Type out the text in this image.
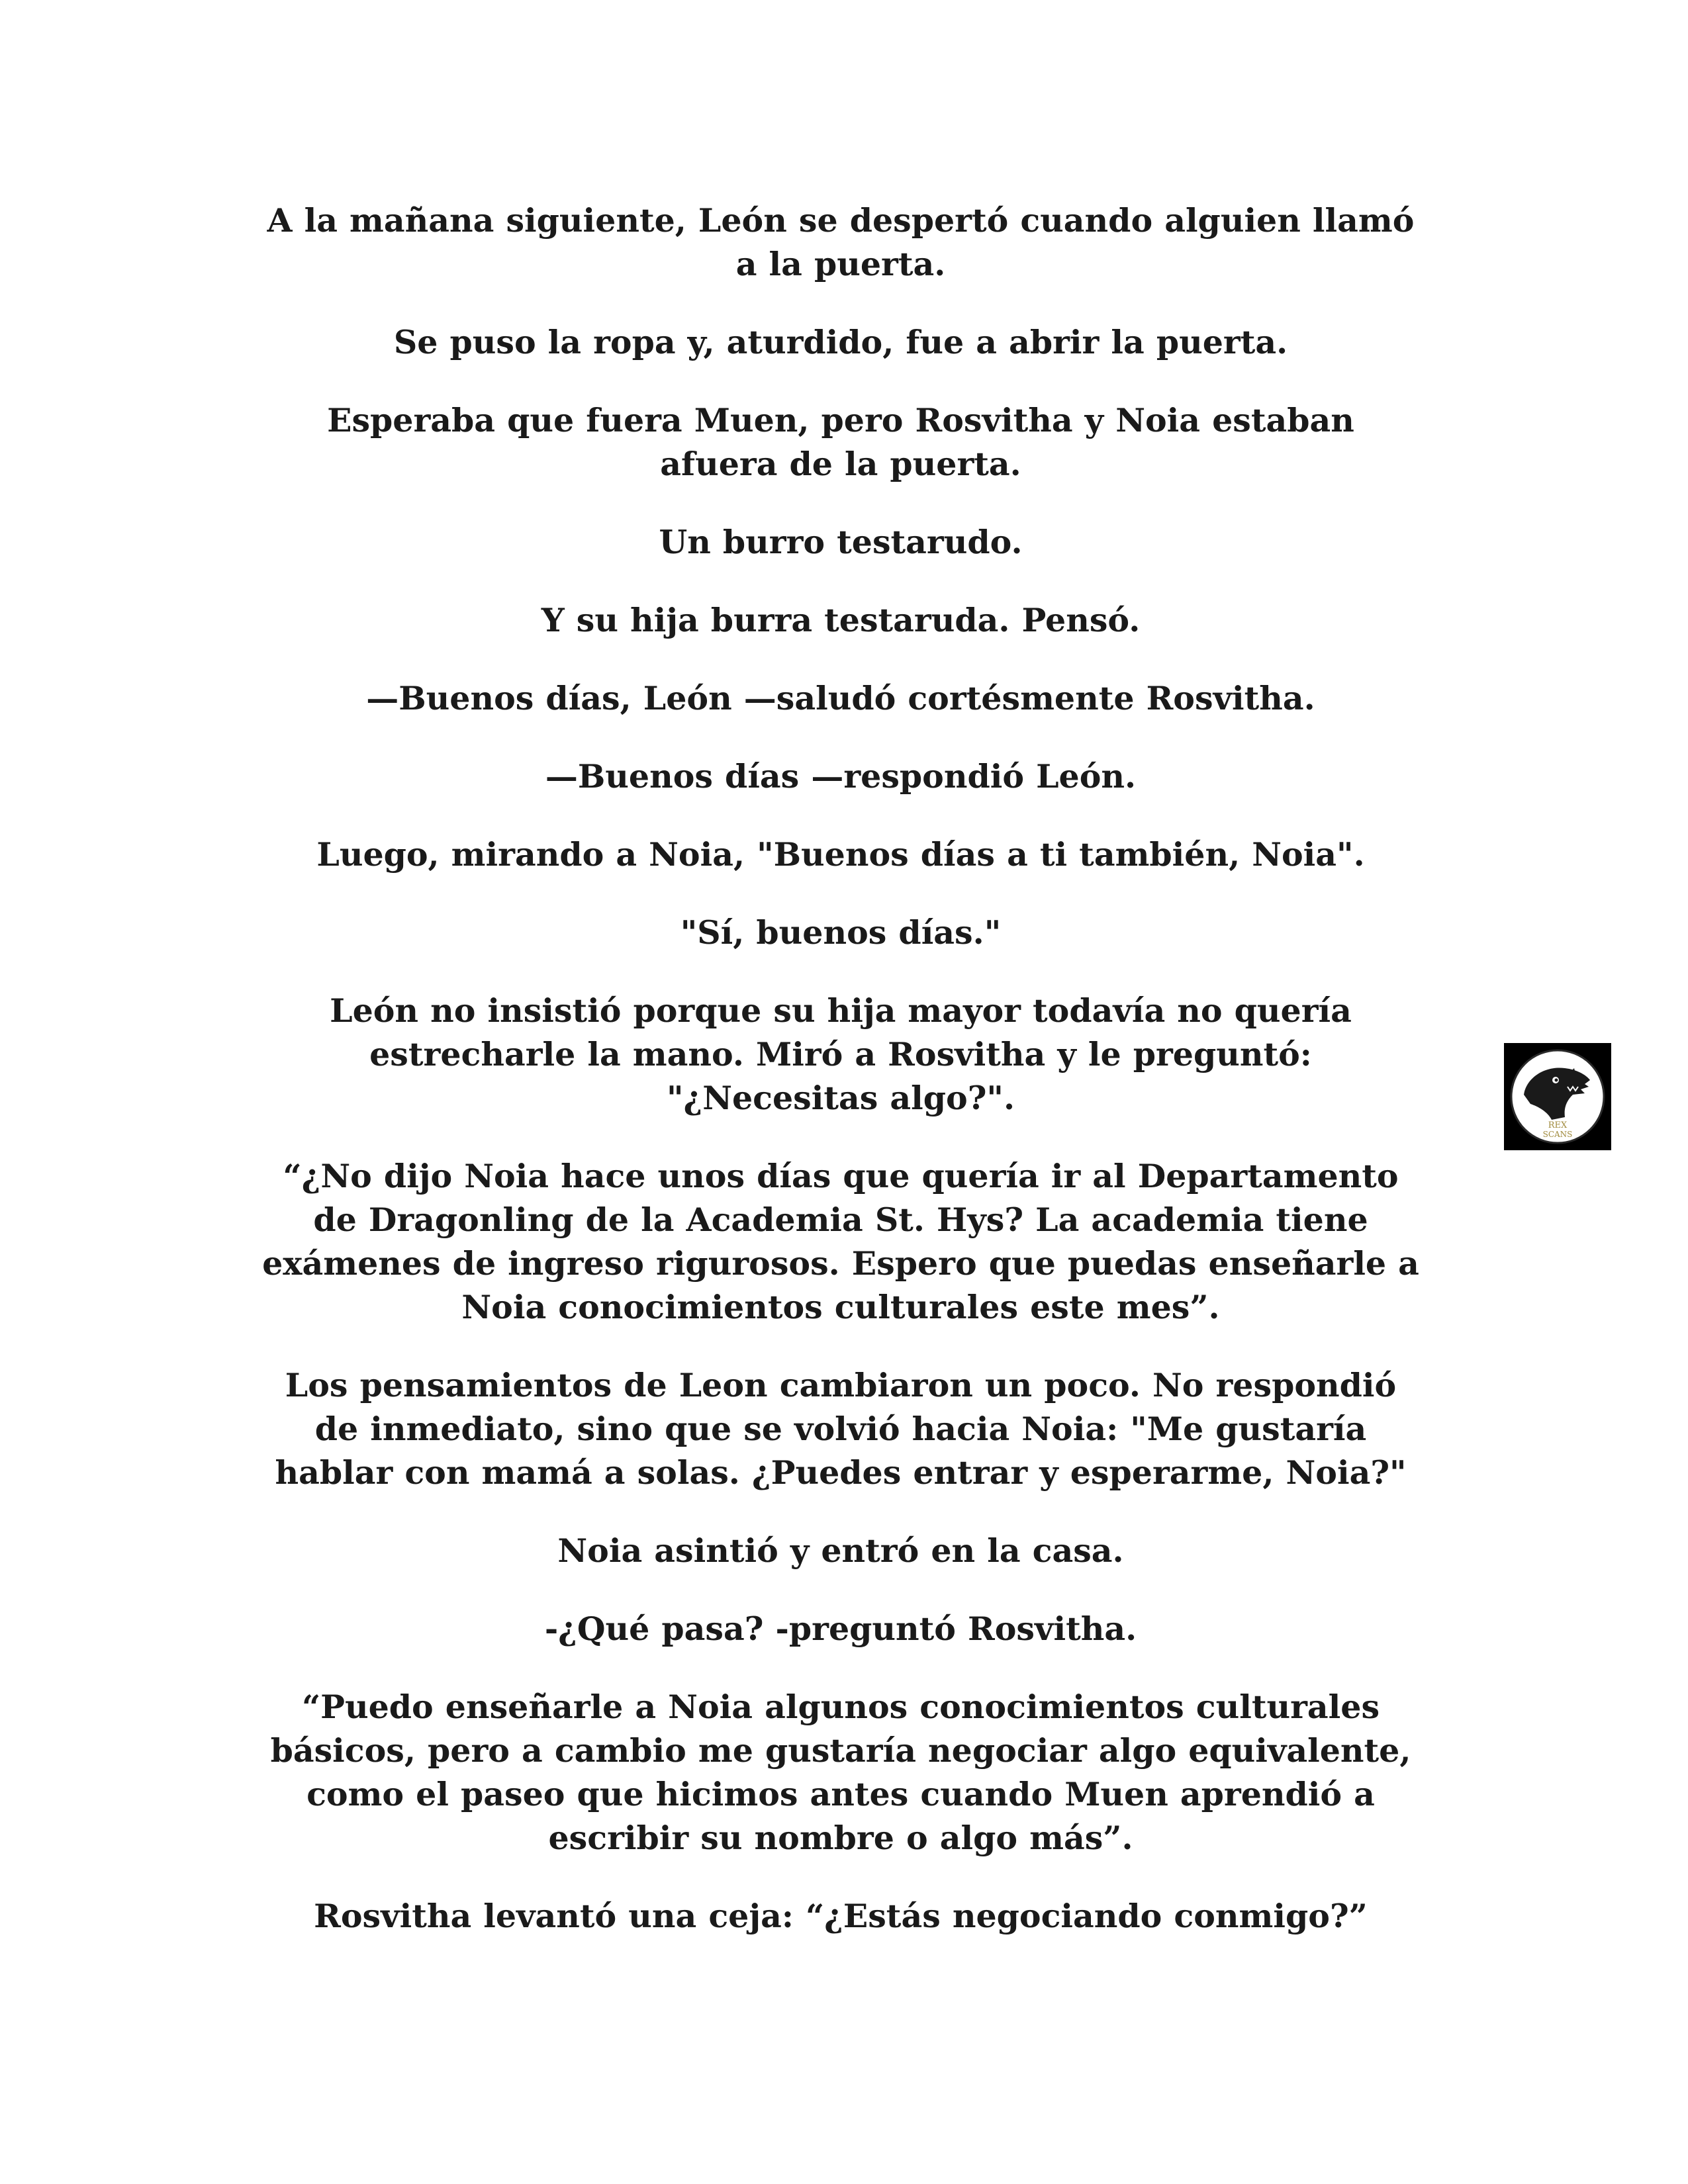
A la mañana siguiente, León se despertó cuando alguien llamó
a la puerta.

Se puso la ropa y, aturdido, fue a abrir la puerta.

Esperaba que fuera Muen, pero Rosvitha y Noia estaban
afuera de la puerta.

Un burro testarudo.

Y su hija burra testaruda. Pensó.

—Buenos días, León —saludó cortésmente Rosvitha.

—Buenos días —respondió León.

Luego, mirando a Noia, "Buenos días a ti también, Noia".

"Sí, buenos días."

León no insistió porque su hija mayor todavía no quería
estrecharle la mano. Miró a Rosvitha y le preguntó:
"¿Necesitas algo?".

“¿No dijo Noia hace unos días que quería ir al Departamento
de Dragonling de la Academia St. Hys? La academia tiene
exámenes de ingreso rigurosos. Espero que puedas enseñarle a
Noia conocimientos culturales este mes”.

Los pensamientos de Leon cambiaron un poco. No respondió
de inmediato, sino que se volvió hacia Noia: "Me gustaría
hablar con mamá a solas. ¿Puedes entrar y esperarme, Noia?"

Noia asintió y entró en la casa.

-¿Qué pasa? -preguntó Rosvitha.

“Puedo enseñarle a Noia algunos conocimientos culturales
básicos, pero a cambio me gustaría negociar algo equivalente,
como el paseo que hicimos antes cuando Muen aprendió a
escribir su nombre o algo más”.

Rosvitha levantó una ceja: “¿Estás negociando conmigo?”

REX
SCANS
